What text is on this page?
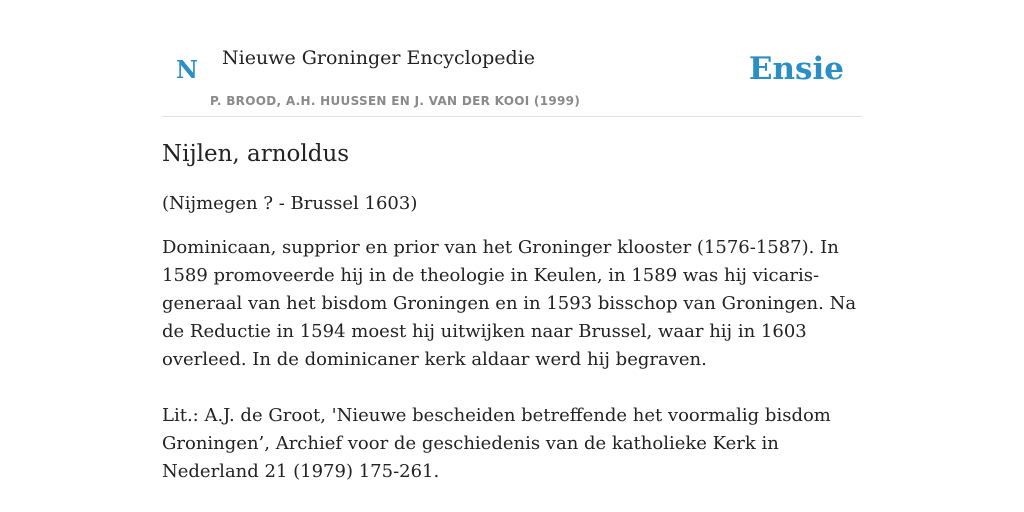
N Nieuwe Groninger Encyclopedie
P. BROOD, A.H. HUUSSEN EN J. VAN DER KOOI (1999)
Ensie
Nijlen, arnoldus

(Nijmegen ? - Brussel 1603)

Dominicaan, supprior en prior van het Groninger klooster (1576-1587). In 1589 promoveerde hij in de theologie in Keulen, in 1589 was hij vicaris-generaal van het bisdom Groningen en in 1593 bisschop van Groningen. Na de Reductie in 1594 moest hij uitwijken naar Brussel, waar hij in 1603 overleed. In de dominicaner kerk aldaar werd hij begraven.

Lit.: A.J. de Groot, 'Nieuwe bescheiden betreffende het voormalig bisdom Groningen’, Archief voor de geschiedenis van de katholieke Kerk in Nederland 21 (1979) 175-261.
